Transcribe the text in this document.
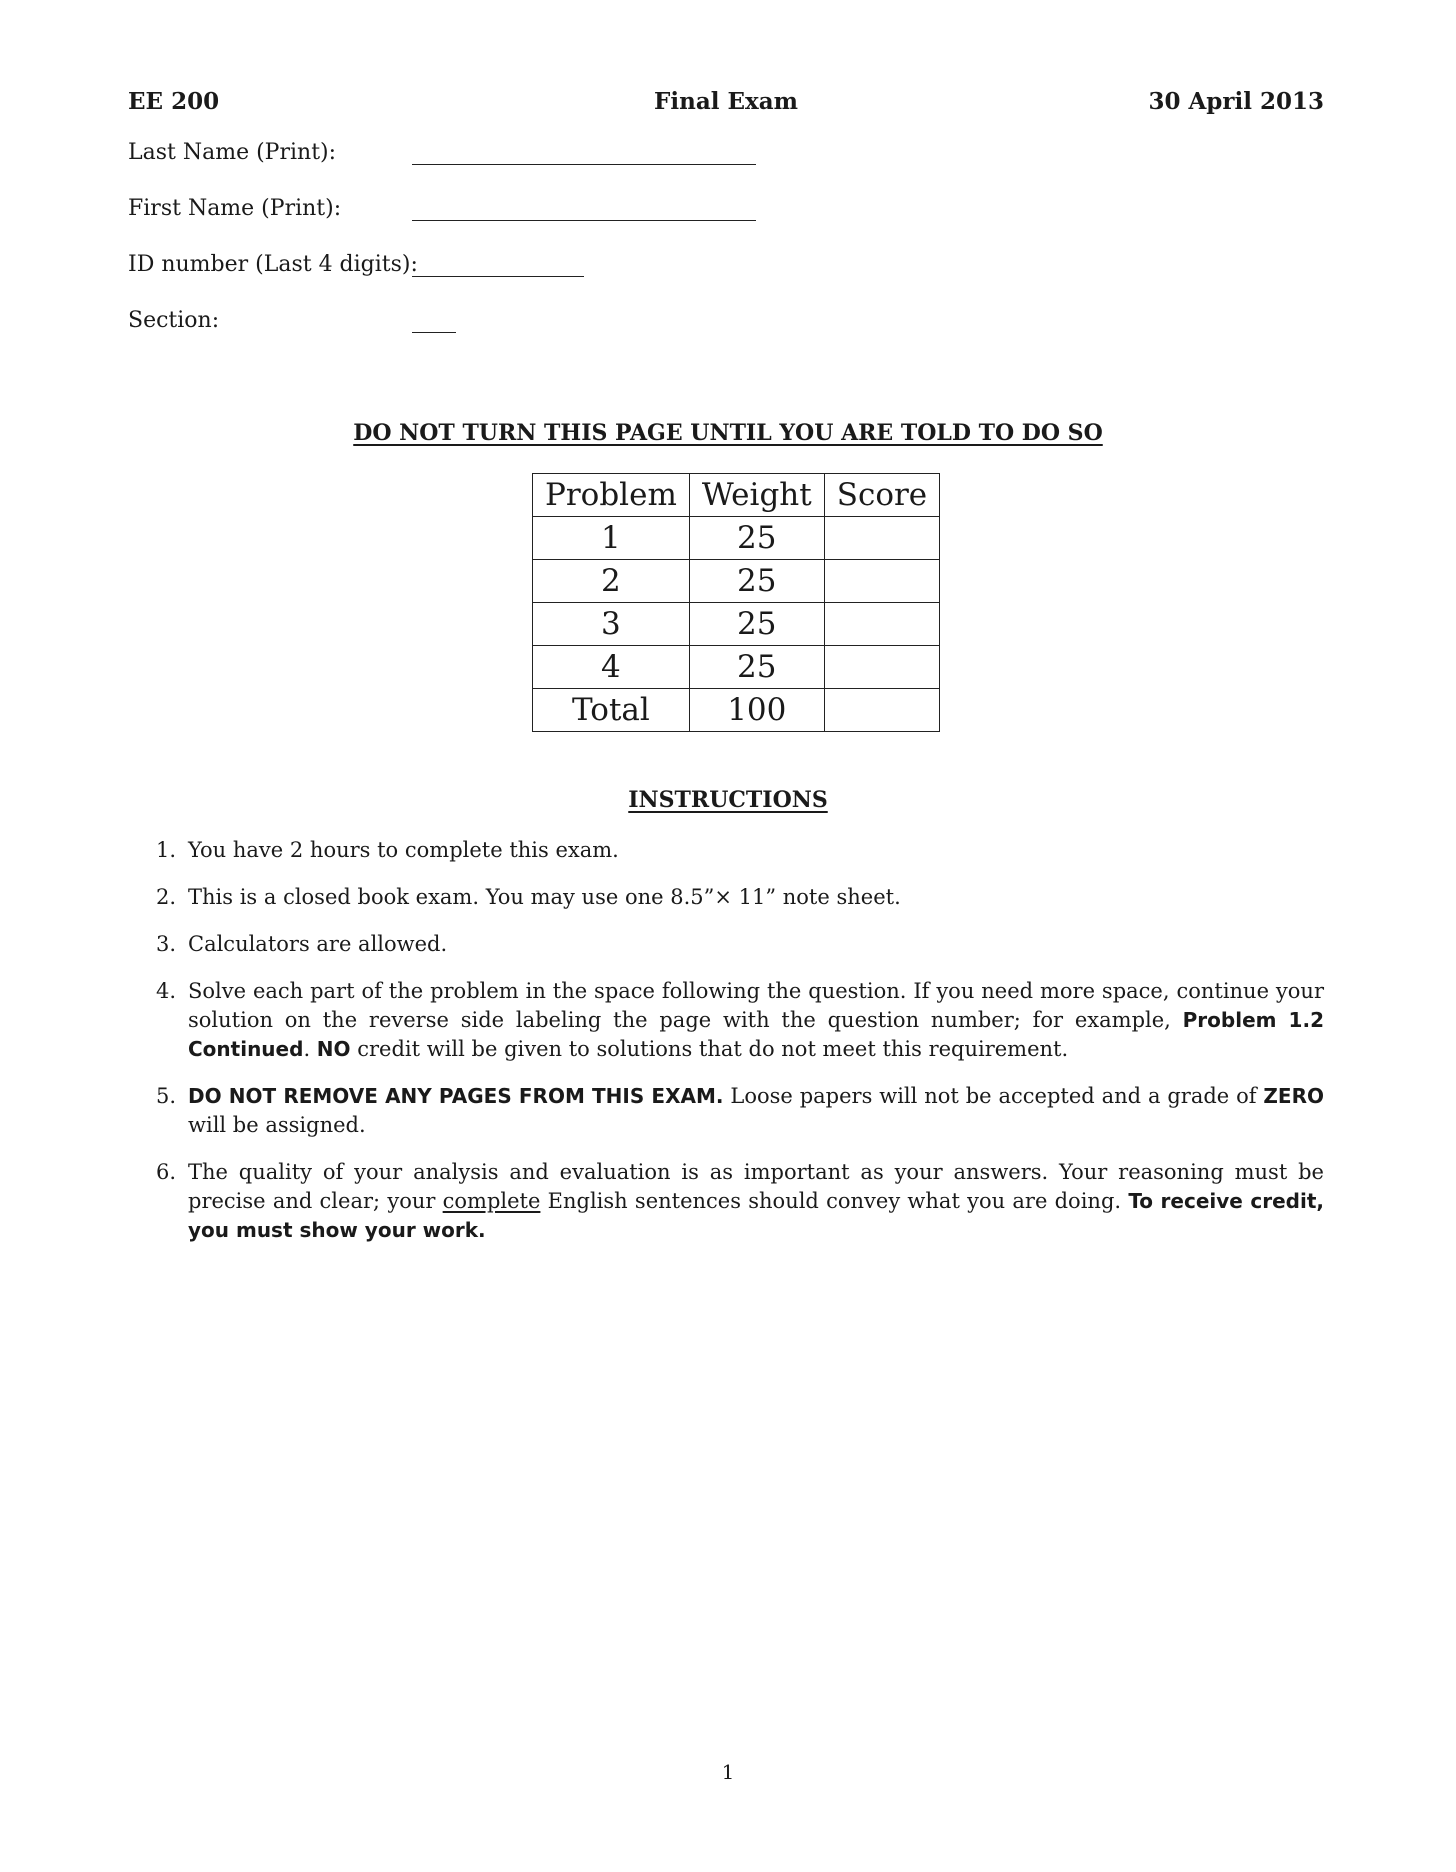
EE 200	Final Exam	30 April 2013
Last Name (Print):
First Name (Print):
ID number (Last 4 digits):
Section:
DO NOT TURN THIS PAGE UNTIL YOU ARE TOLD TO DO SO
Problem	Weight	Score
1	25	
2	25	
3	25	
4	25	
Total	100	
INSTRUCTIONS
1. You have 2 hours to complete this exam.
2. This is a closed book exam. You may use one 8.5”× 11” note sheet.
3. Calculators are allowed.
4. Solve each part of the problem in the space following the question. If you need more space, continue your solution on the reverse side labeling the page with the question number; for example, Problem 1.2 Continued. NO credit will be given to solutions that do not meet this requirement.
5. DO NOT REMOVE ANY PAGES FROM THIS EXAM. Loose papers will not be accepted and a grade of ZERO will be assigned.
6. The quality of your analysis and evaluation is as important as your answers. Your reasoning must be precise and clear; your complete English sentences should convey what you are doing. To receive credit, you must show your work.
1
